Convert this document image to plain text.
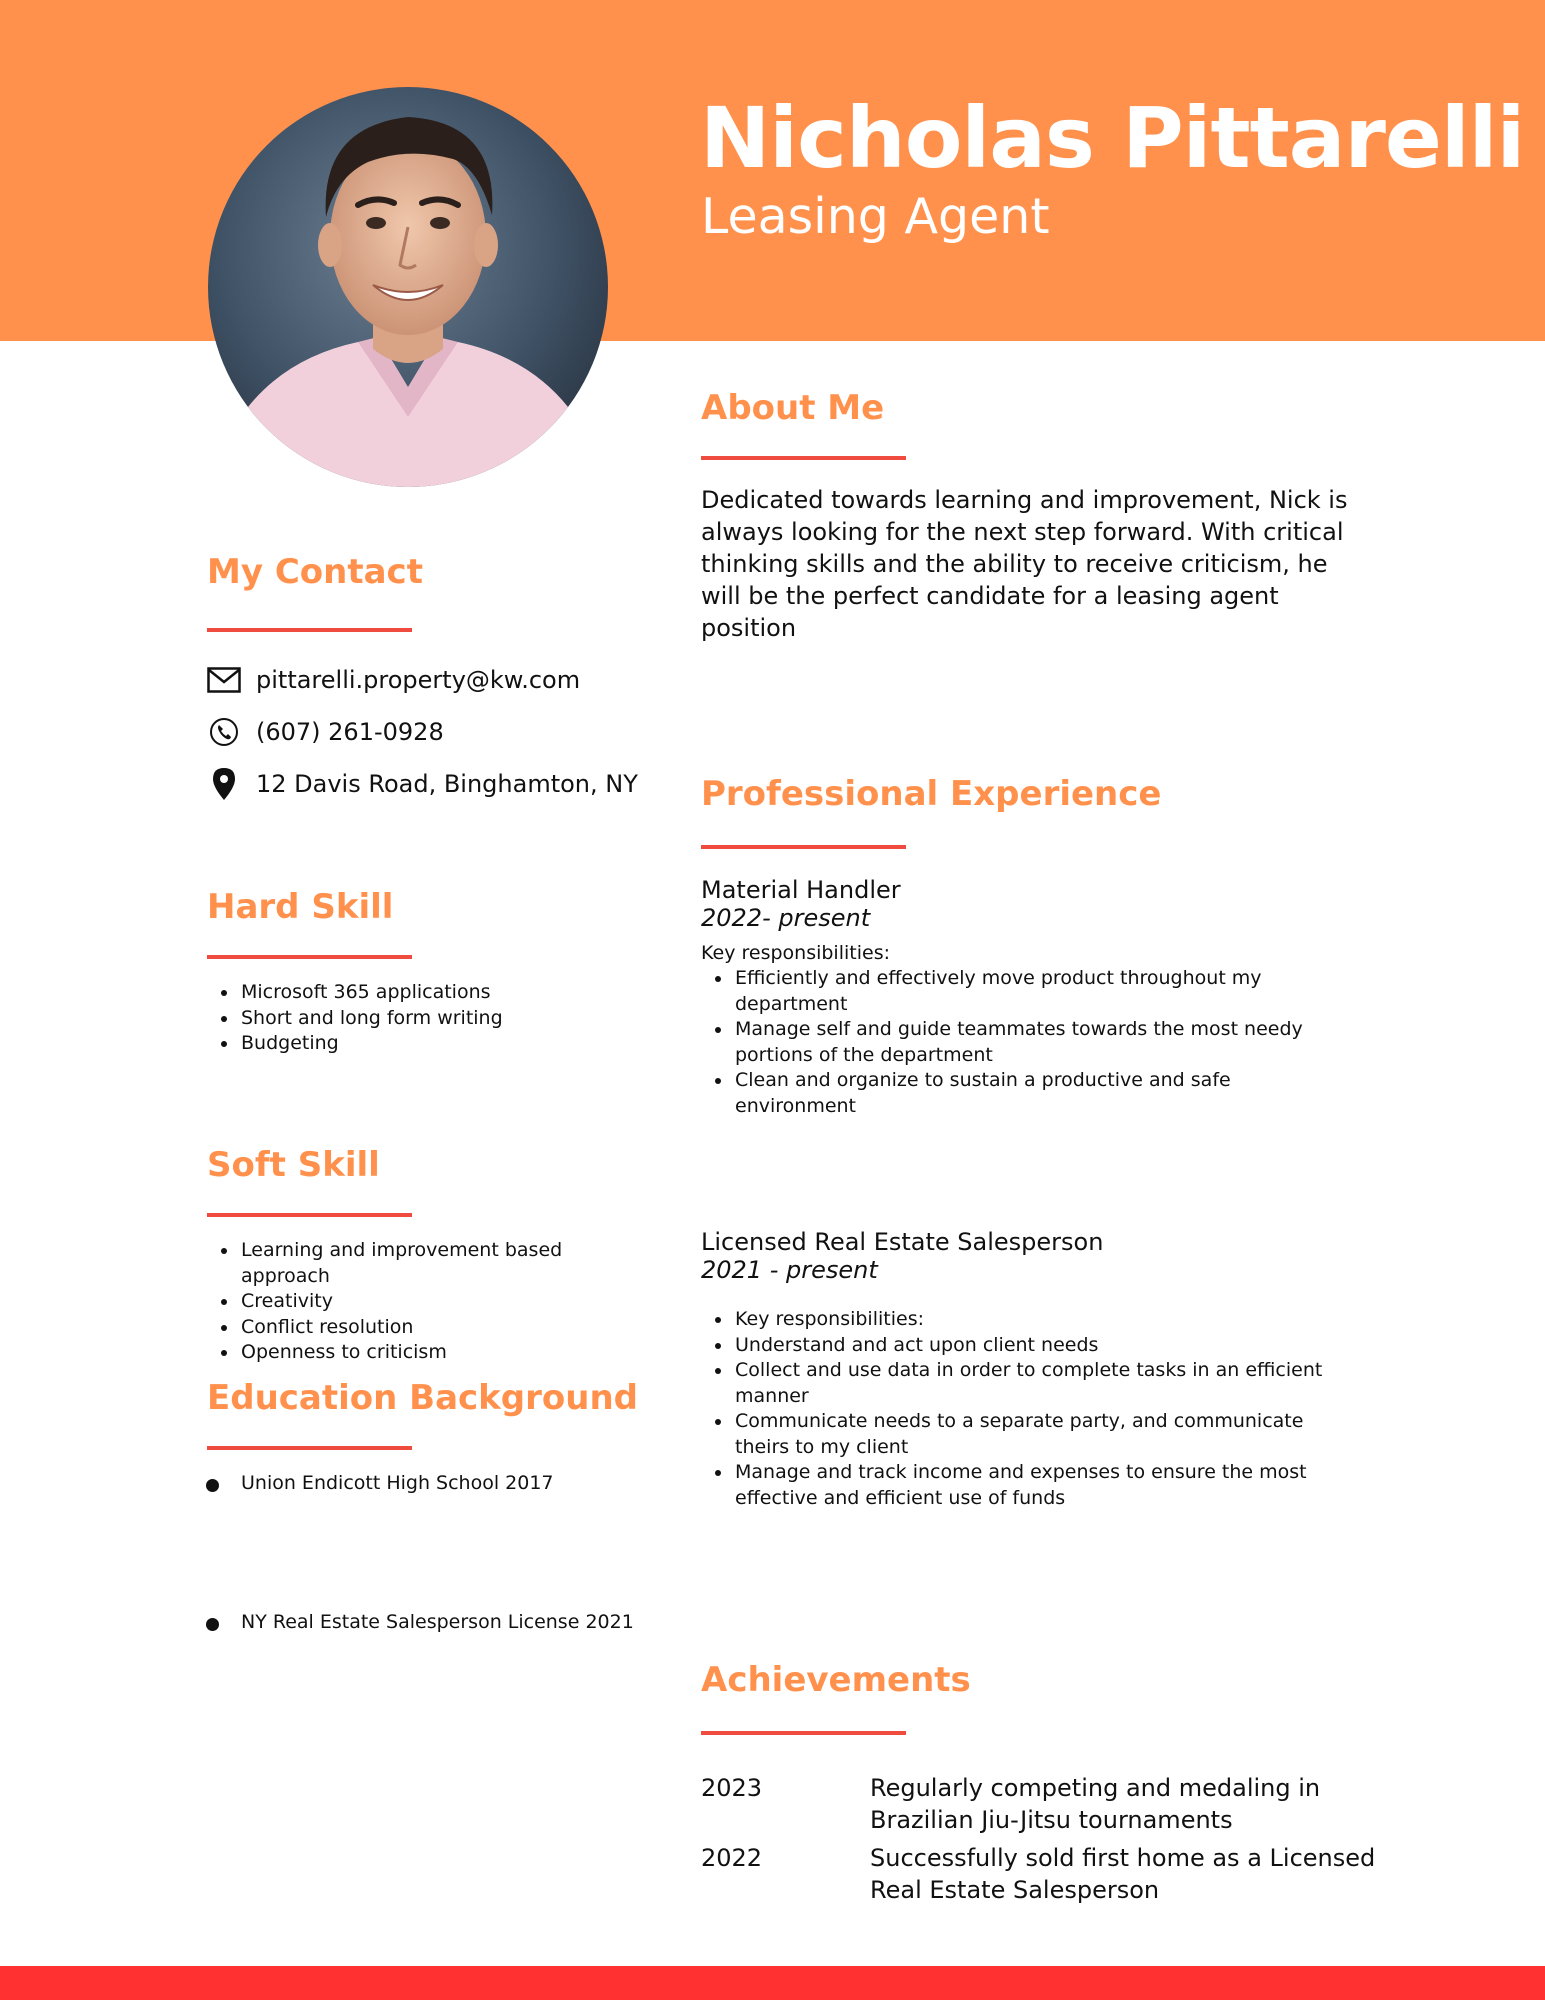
Nicholas Pittarelli
Leasing Agent
About Me
Dedicated towards learning and improvement, Nick is always looking for the next step forward. With critical thinking skills and the ability to receive criticism, he will be the perfect candidate for a leasing agent position
My Contact
pittarelli.property@kw.com
(607) 261-0928
12 Davis Road, Binghamton, NY
Hard Skill
• Microsoft 365 applications
• Short and long form writing
• Budgeting
Soft Skill
• Learning and improvement based approach
• Creativity
• Conflict resolution
• Openness to criticism
Education Background
Union Endicott High School 2017
NY Real Estate Salesperson License 2021
Professional Experience
Material Handler
2022- present
Key responsibilities:
• Efficiently and effectively move product throughout my department
• Manage self and guide teammates towards the most needy portions of the department
• Clean and organize to sustain a productive and safe environment
Licensed Real Estate Salesperson
2021 - present
• Key responsibilities:
• Understand and act upon client needs
• Collect and use data in order to complete tasks in an efficient manner
• Communicate needs to a separate party, and communicate theirs to my client
• Manage and track income and expenses to ensure the most effective and efficient use of funds
Achievements
2023	Regularly competing and medaling in Brazilian Jiu-Jitsu tournaments
2022	Successfully sold first home as a Licensed Real Estate Salesperson
